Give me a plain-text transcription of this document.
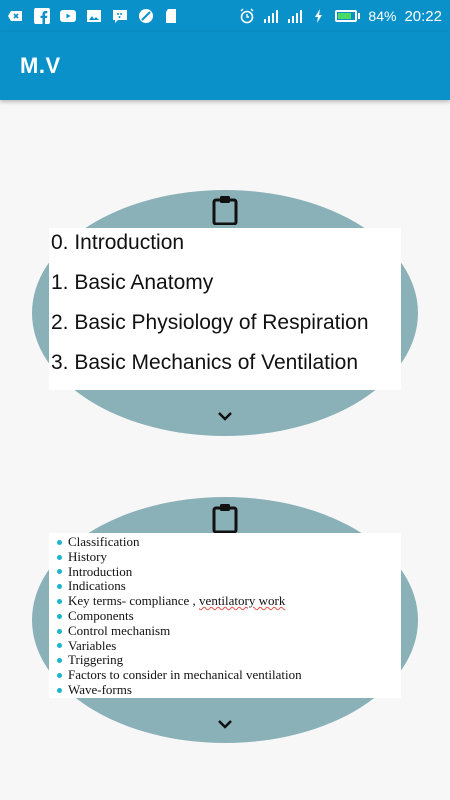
84% 20:22
M.V
0. Introduction
1. Basic Anatomy
2. Basic Physiology of Respiration
3. Basic Mechanics of Ventilation
Classification
History
Introduction
Indications
Key terms- compliance , ventilatory work
Components
Control mechanism
Variables
Triggering
Factors to consider in mechanical ventilation
Wave-forms
